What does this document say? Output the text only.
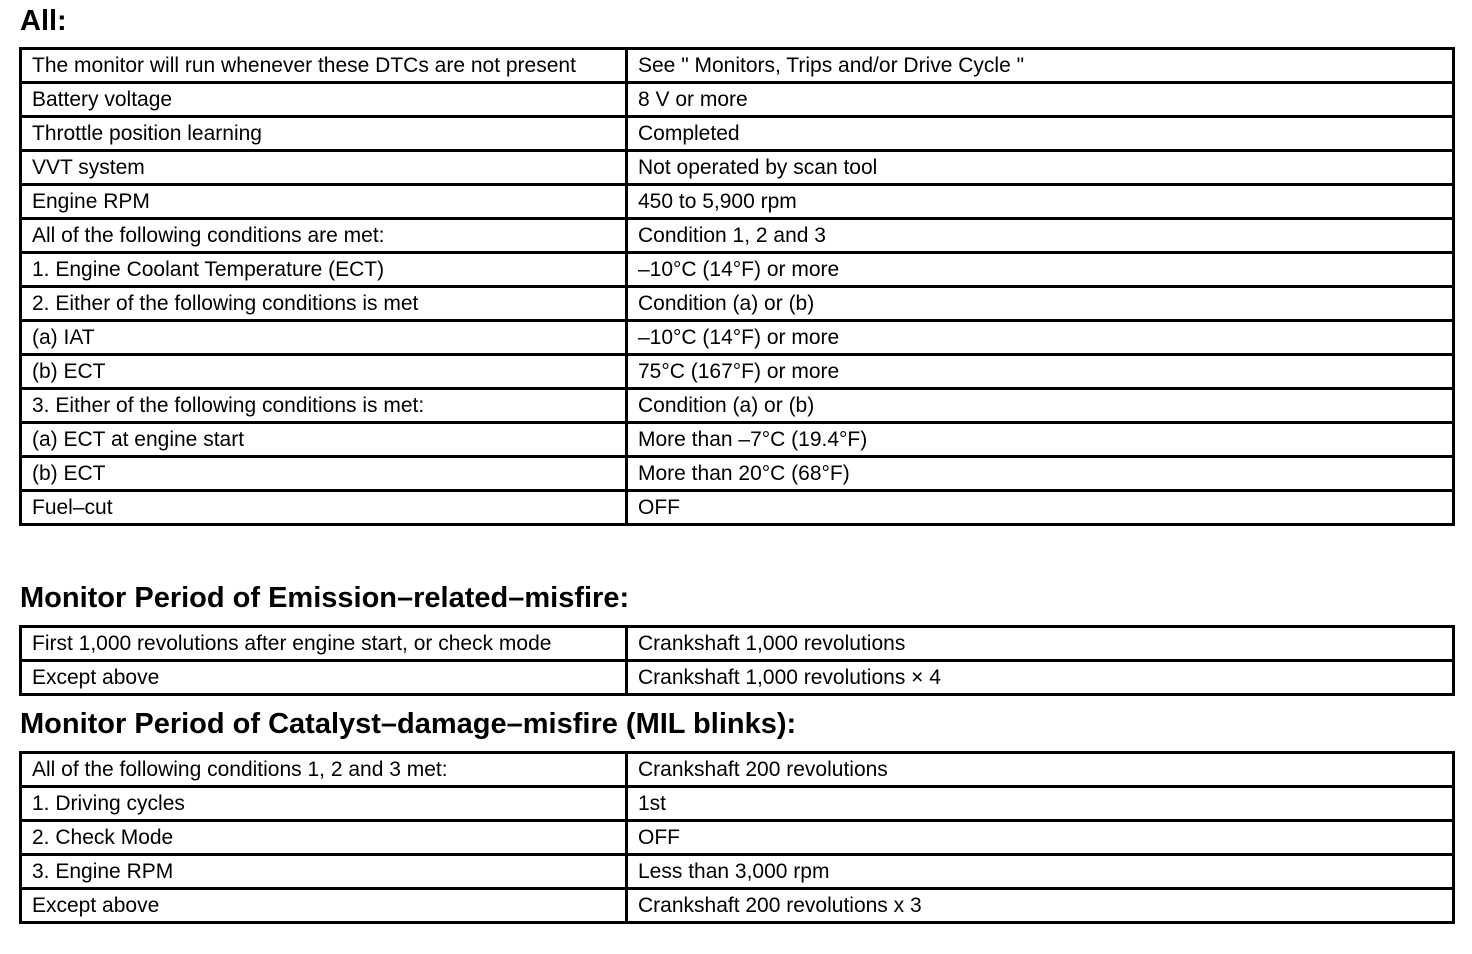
All:
The monitor will run whenever these DTCs are not present	See " Monitors, Trips and/or Drive Cycle "
Battery voltage	8 V or more
Throttle position learning	Completed
VVT system	Not operated by scan tool
Engine RPM	450 to 5,900 rpm
All of the following conditions are met:	Condition 1, 2 and 3
1. Engine Coolant Temperature (ECT)	–10°C (14°F) or more
2. Either of the following conditions is met	Condition (a) or (b)
(a) IAT	–10°C (14°F) or more
(b) ECT	75°C (167°F) or more
3. Either of the following conditions is met:	Condition (a) or (b)
(a) ECT at engine start	More than –7°C (19.4°F)
(b) ECT	More than 20°C (68°F)
Fuel–cut	OFF
Monitor Period of Emission–related–misfire:
First 1,000 revolutions after engine start, or check mode	Crankshaft 1,000 revolutions
Except above	Crankshaft 1,000 revolutions × 4
Monitor Period of Catalyst–damage–misfire (MIL blinks):
All of the following conditions 1, 2 and 3 met:	Crankshaft 200 revolutions
1. Driving cycles	1st
2. Check Mode	OFF
3. Engine RPM	Less than 3,000 rpm
Except above	Crankshaft 200 revolutions x 3
